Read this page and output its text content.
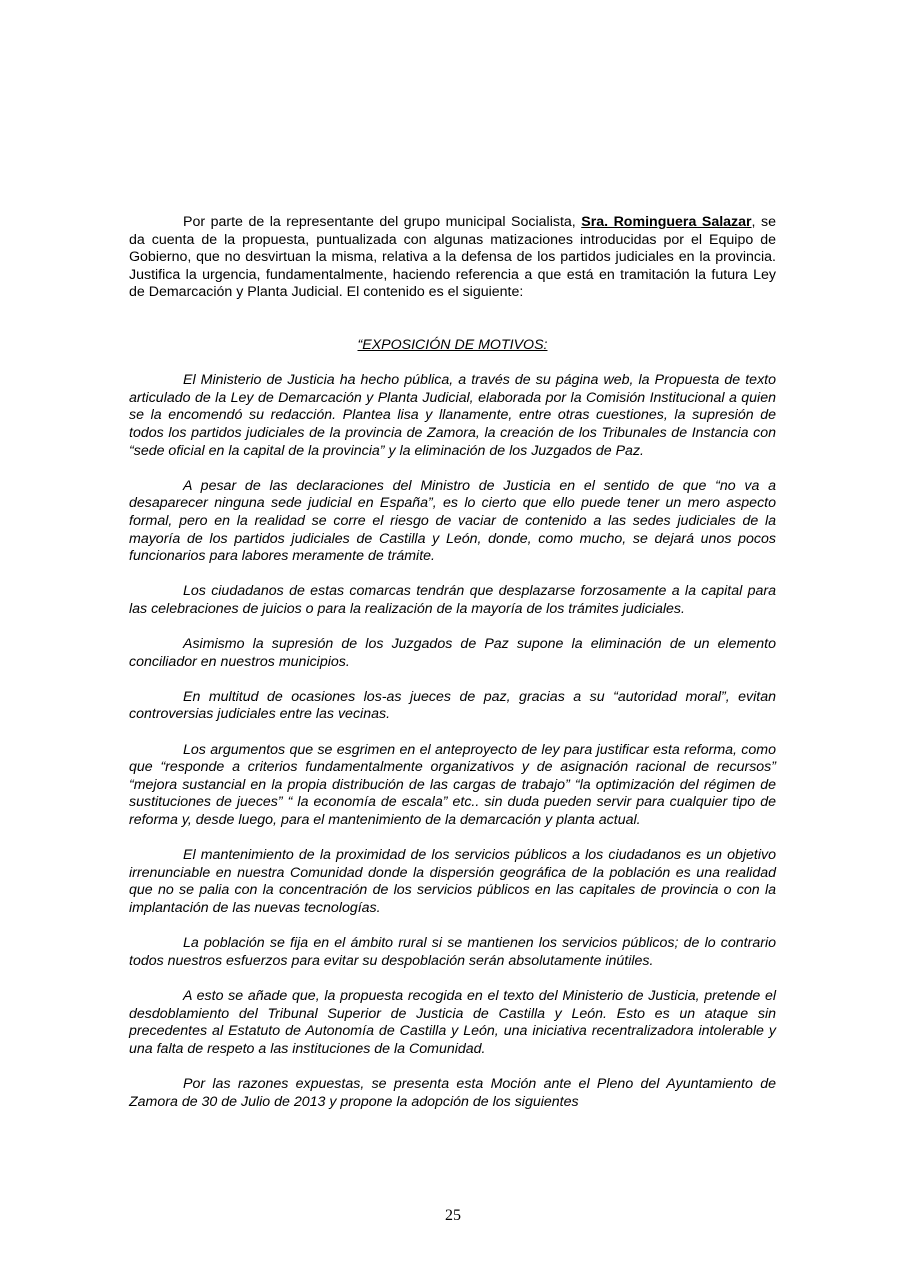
Por parte de la representante del grupo municipal Socialista, Sra. Rominguera Salazar, se da cuenta de la propuesta, puntualizada con algunas matizaciones introducidas por el Equipo de Gobierno, que no desvirtuan la misma, relativa a la defensa de los partidos judiciales en la provincia. Justifica la urgencia, fundamentalmente, haciendo referencia a que está en tramitación la futura Ley de Demarcación y Planta Judicial. El contenido es el siguiente:

“EXPOSICIÓN DE MOTIVOS:

El Ministerio de Justicia ha hecho pública, a través de su página web, la Propuesta de texto articulado de la Ley de Demarcación y Planta Judicial, elaborada por la Comisión Institucional a quien se la encomendó su redacción. Plantea lisa y llanamente, entre otras cuestiones, la supresión de todos los partidos judiciales de la provincia de Zamora, la creación de los Tribunales de Instancia con “sede oficial en la capital de la provincia” y la eliminación de los Juzgados de Paz.

A pesar de las declaraciones del Ministro de Justicia en el sentido de que “no va a desaparecer ninguna sede judicial en España”, es lo cierto que ello puede tener un mero aspecto formal, pero en la realidad se corre el riesgo de vaciar de contenido a las sedes judiciales de la mayoría de los partidos judiciales de Castilla y León, donde, como mucho, se dejará unos pocos funcionarios para labores meramente de trámite.

Los ciudadanos de estas comarcas tendrán que desplazarse forzosamente a la capital para las celebraciones de juicios o para la realización de la mayoría de los trámites judiciales.

Asimismo la supresión de los Juzgados de Paz supone la eliminación de un elemento conciliador en nuestros municipios.

En multitud de ocasiones los-as jueces de paz, gracias a su “autoridad moral”, evitan controversias judiciales entre las vecinas.

Los argumentos que se esgrimen en el anteproyecto de ley para justificar esta reforma, como que “responde a criterios fundamentalmente organizativos y de asignación racional de recursos” “mejora sustancial en la propia distribución de las cargas de trabajo” “la optimización del régimen de sustituciones de jueces” “ la economía de escala” etc.. sin duda pueden servir para cualquier tipo de reforma y, desde luego, para el mantenimiento de la demarcación y planta actual.

El mantenimiento de la proximidad de los servicios públicos a los ciudadanos es un objetivo irrenunciable en nuestra Comunidad donde la dispersión geográfica de la población es una realidad que no se palia con la concentración de los servicios públicos en las capitales de provincia o con la implantación de las nuevas tecnologías.

La población se fija en el ámbito rural si se mantienen los servicios públicos; de lo contrario todos nuestros esfuerzos para evitar su despoblación serán absolutamente inútiles.

A esto se añade que, la propuesta recogida en el texto del Ministerio de Justicia, pretende el desdoblamiento del Tribunal Superior de Justicia de Castilla y León. Esto es un ataque sin precedentes al Estatuto de Autonomía de Castilla y León, una iniciativa recentralizadora intolerable y una falta de respeto a las instituciones de la Comunidad.

Por las razones expuestas, se presenta esta Moción ante el Pleno del Ayuntamiento de Zamora de 30 de Julio de 2013 y propone la adopción de los siguientes

25
